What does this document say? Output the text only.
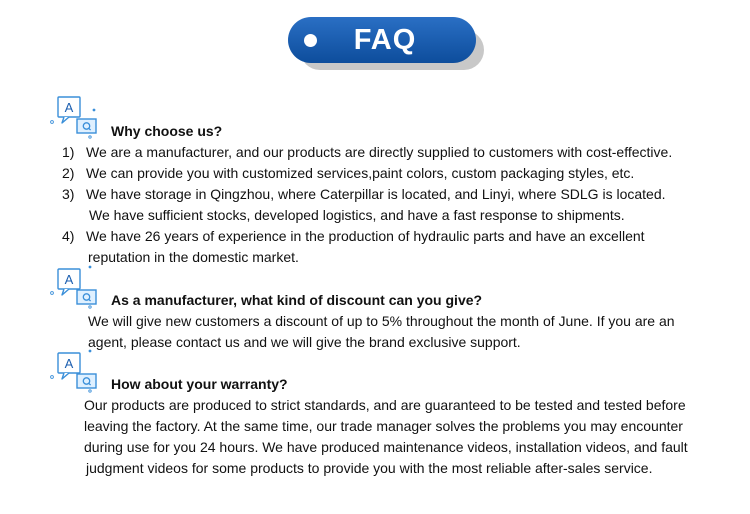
FAQ
A
Why choose us?
1) We are a manufacturer, and our products are directly supplied to customers with cost-effective.
2) We can provide you with customized services,paint colors, custom packaging styles, etc.
3) We have storage in Qingzhou, where Caterpillar is located, and Linyi, where SDLG is located.
We have sufficient stocks, developed logistics, and have a fast response to shipments.
4) We have 26 years of experience in the production of hydraulic parts and have an excellent
reputation in the domestic market.
A
As a manufacturer, what kind of discount can you give?
We will give new customers a discount of up to 5% throughout the month of June. If you are an
agent, please contact us and we will give the brand exclusive support.
A
How about your warranty?
Our products are produced to strict standards, and are guaranteed to be tested and tested before
leaving the factory. At the same time, our trade manager solves the problems you may encounter
during use for you 24 hours. We have produced maintenance videos, installation videos, and fault
judgment videos for some products to provide you with the most reliable after-sales service.
